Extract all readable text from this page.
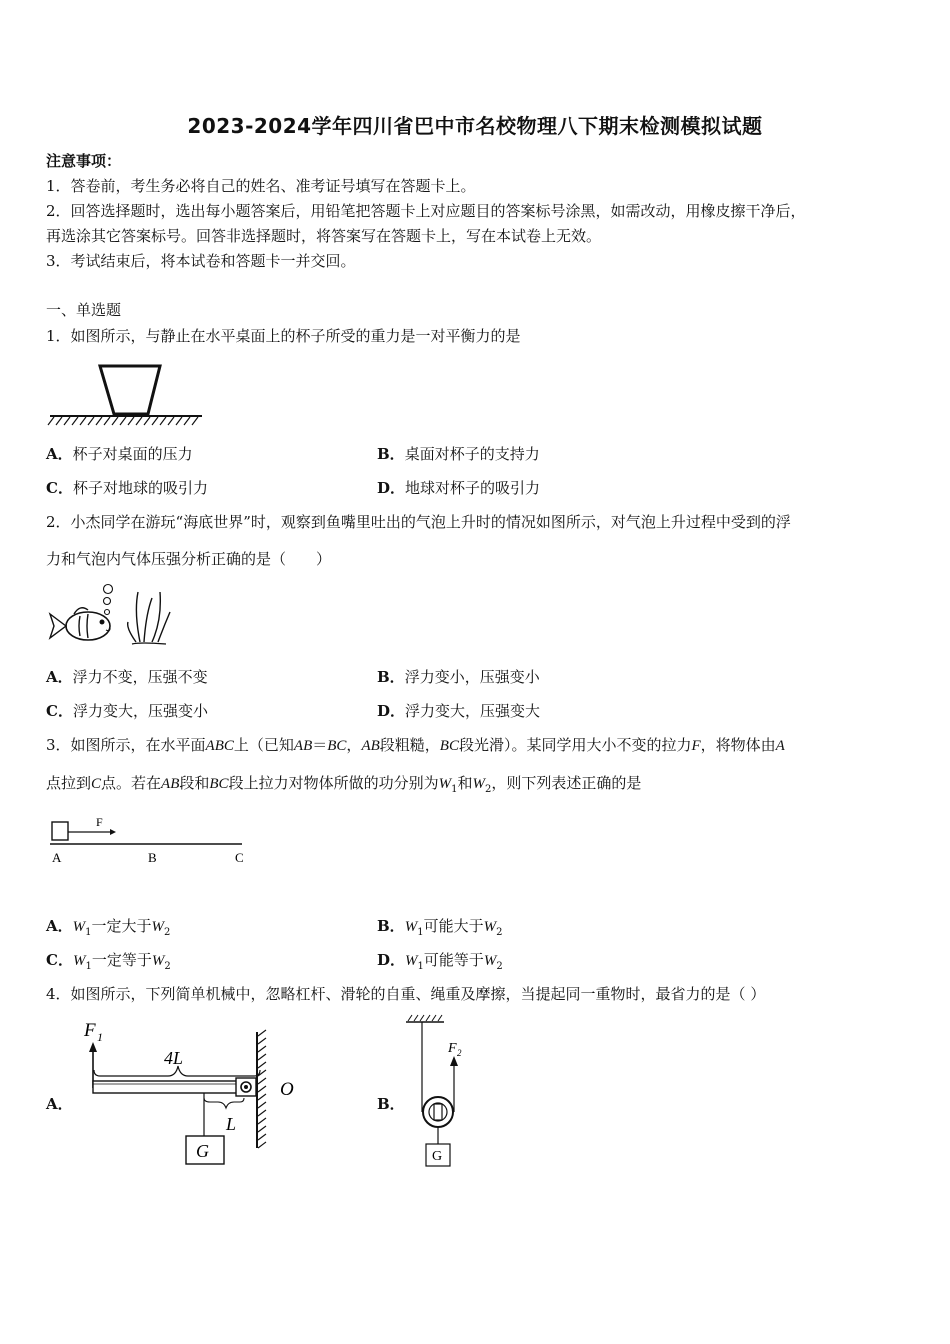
2023-2024学年四川省巴中市名校物理八下期末检测模拟试题
注意事项：
1．答卷前，考生务必将自己的姓名、准考证号填写在答题卡上。
2．回答选择题时，选出每小题答案后，用铅笔把答题卡上对应题目的答案标号涂黑，如需改动，用橡皮擦干净后，
再选涂其它答案标号。回答非选择题时，将答案写在答题卡上，写在本试卷上无效。
3．考试结束后，将本试卷和答题卡一并交回。
一、单选题
1．如图所示，与静止在水平桌面上的杯子所受的重力是一对平衡力的是
A．杯子对桌面的压力	B．桌面对杯子的支持力
C．杯子对地球的吸引力	D．地球对杯子的吸引力
2．小杰同学在游玩“海底世界”时，观察到鱼嘴里吐出的气泡上升时的情况如图所示，对气泡上升过程中受到的浮
力和气泡内气体压强分析正确的是（　　）
A．浮力不变，压强不变	B．浮力变小，压强变小
C．浮力变大，压强变小	D．浮力变大，压强变大
3．如图所示，在水平面ABC上（已知AB＝BC，AB段粗糙，BC段光滑）。某同学用大小不变的拉力F，将物体由A
点拉到C点。若在AB段和BC段上拉力对物体所做的功分别为$W_1$和$W_2$，则下列表述正确的是
F
A	B	C
A．$W_1$一定大于$W_2$	B．$W_1$可能大于$W_2$
C．$W_1$一定等于$W_2$	D．$W_1$可能等于$W_2$
4．如图所示，下列简单机械中，忽略杠杆、滑轮的自重、绳重及摩擦，当提起同一重物时，最省力的是（ ）
A．
F 1
4L
O
L
G
B．
F 2
G
